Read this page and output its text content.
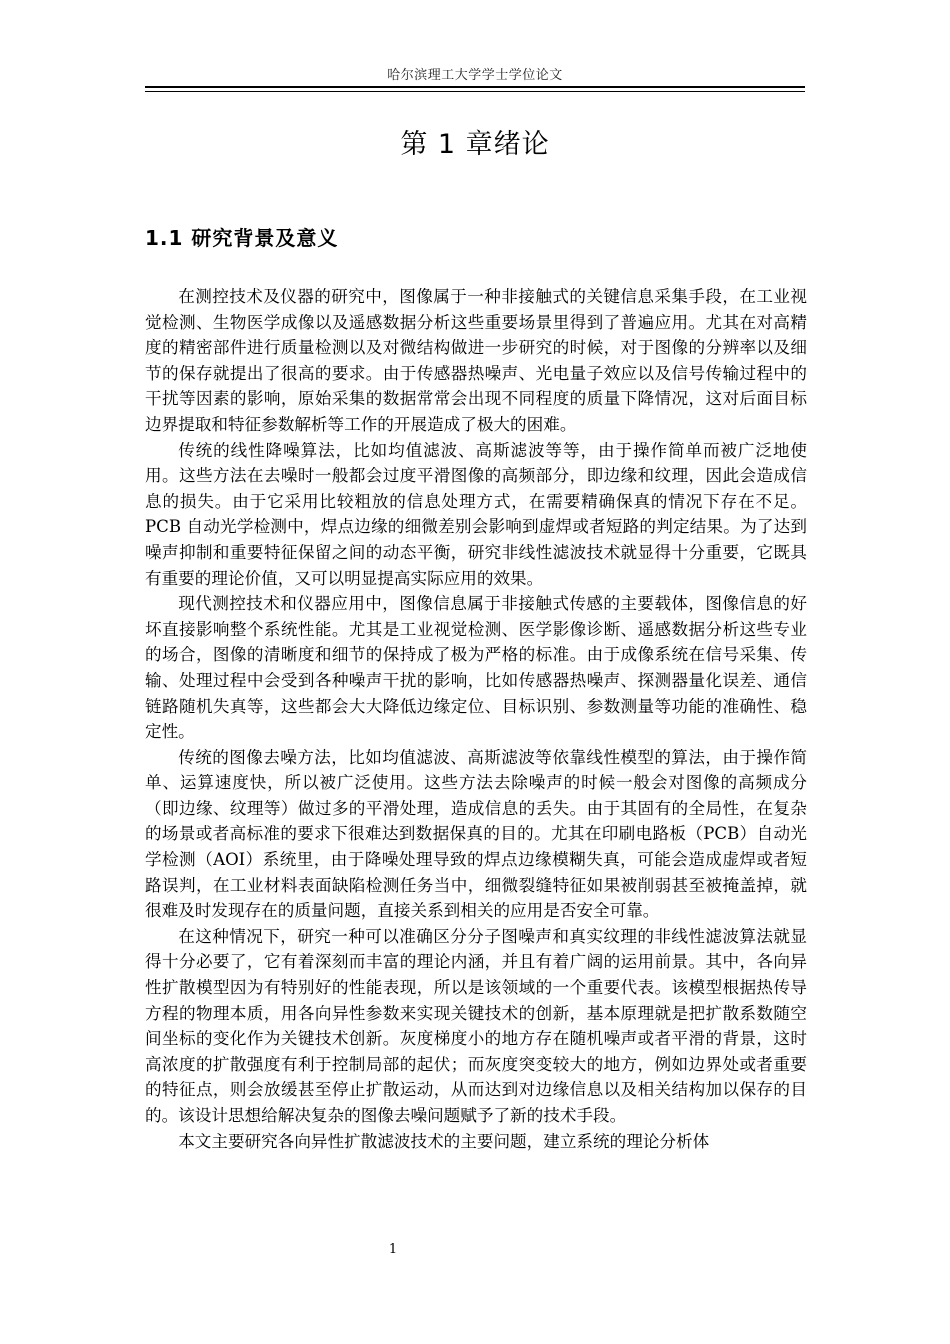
哈尔滨理工大学学士学位论文
第 1 章绪论
1.1 研究背景及意义

在测控技术及仪器的研究中，图像属于一种非接触式的关键信息采集手段，在工业视觉检测、生物医学成像以及遥感数据分析这些重要场景里得到了普遍应用。尤其在对高精度的精密部件进行质量检测以及对微结构做进一步研究的时候，对于图像的分辨率以及细节的保存就提出了很高的要求。由于传感器热噪声、光电量子效应以及信号传输过程中的干扰等因素的影响，原始采集的数据常常会出现不同程度的质量下降情况，这对后面目标边界提取和特征参数解析等工作的开展造成了极大的困难。

传统的线性降噪算法，比如均值滤波、高斯滤波等等，由于操作简单而被广泛地使用。这些方法在去噪时一般都会过度平滑图像的高频部分，即边缘和纹理，因此会造成信息的损失。由于它采用比较粗放的信息处理方式，在需要精确保真的情况下存在不足。PCB 自动光学检测中，焊点边缘的细微差别会影响到虚焊或者短路的判定结果。为了达到噪声抑制和重要特征保留之间的动态平衡，研究非线性滤波技术就显得十分重要，它既具有重要的理论价值，又可以明显提高实际应用的效果。

现代测控技术和仪器应用中，图像信息属于非接触式传感的主要载体，图像信息的好坏直接影响整个系统性能。尤其是工业视觉检测、医学影像诊断、遥感数据分析这些专业的场合，图像的清晰度和细节的保持成了极为严格的标准。由于成像系统在信号采集、传输、处理过程中会受到各种噪声干扰的影响，比如传感器热噪声、探测器量化误差、通信链路随机失真等，这些都会大大降低边缘定位、目标识别、参数测量等功能的准确性、稳定性。

传统的图像去噪方法，比如均值滤波、高斯滤波等依靠线性模型的算法，由于操作简单、运算速度快，所以被广泛使用。这些方法去除噪声的时候一般会对图像的高频成分（即边缘、纹理等）做过多的平滑处理，造成信息的丢失。由于其固有的全局性，在复杂的场景或者高标准的要求下很难达到数据保真的目的。尤其在印刷电路板（PCB）自动光学检测（AOI）系统里，由于降噪处理导致的焊点边缘模糊失真，可能会造成虚焊或者短路误判，在工业材料表面缺陷检测任务当中，细微裂缝特征如果被削弱甚至被掩盖掉，就很难及时发现存在的质量问题，直接关系到相关的应用是否安全可靠。

在这种情况下，研究一种可以准确区分分子图噪声和真实纹理的非线性滤波算法就显得十分必要了，它有着深刻而丰富的理论内涵，并且有着广阔的运用前景。其中，各向异性扩散模型因为有特别好的性能表现，所以是该领域的一个重要代表。该模型根据热传导方程的物理本质，用各向异性参数来实现关键技术的创新，基本原理就是把扩散系数随空间坐标的变化作为关键技术创新。灰度梯度小的地方存在随机噪声或者平滑的背景，这时高浓度的扩散强度有利于控制局部的起伏；而灰度突变较大的地方，例如边界处或者重要的特征点，则会放缓甚至停止扩散运动，从而达到对边缘信息以及相关结构加以保存的目的。该设计思想给解决复杂的图像去噪问题赋予了新的技术手段。

本文主要研究各向异性扩散滤波技术的主要问题，建立系统的理论分析体

1
